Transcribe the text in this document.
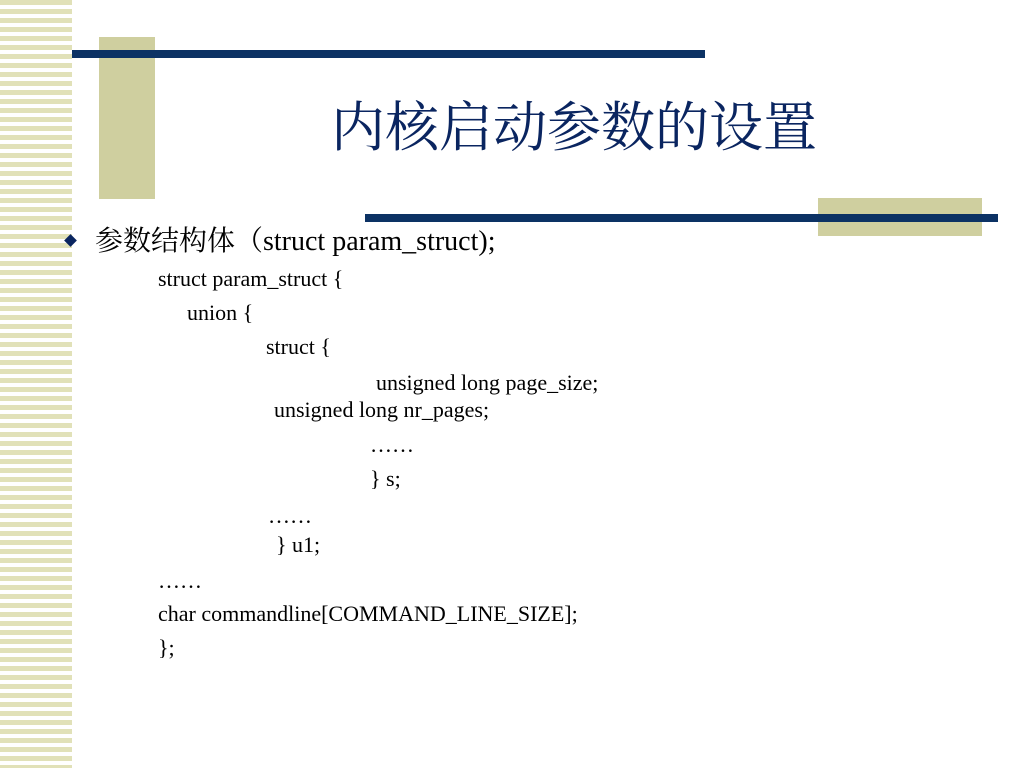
内核启动参数的设置
参数结构体（struct param_struct);
struct param_struct {
union {
struct {
unsigned long page_size;
unsigned long nr_pages;
……
} s;
……
} u1;
……
char commandline[COMMAND_LINE_SIZE];
};
